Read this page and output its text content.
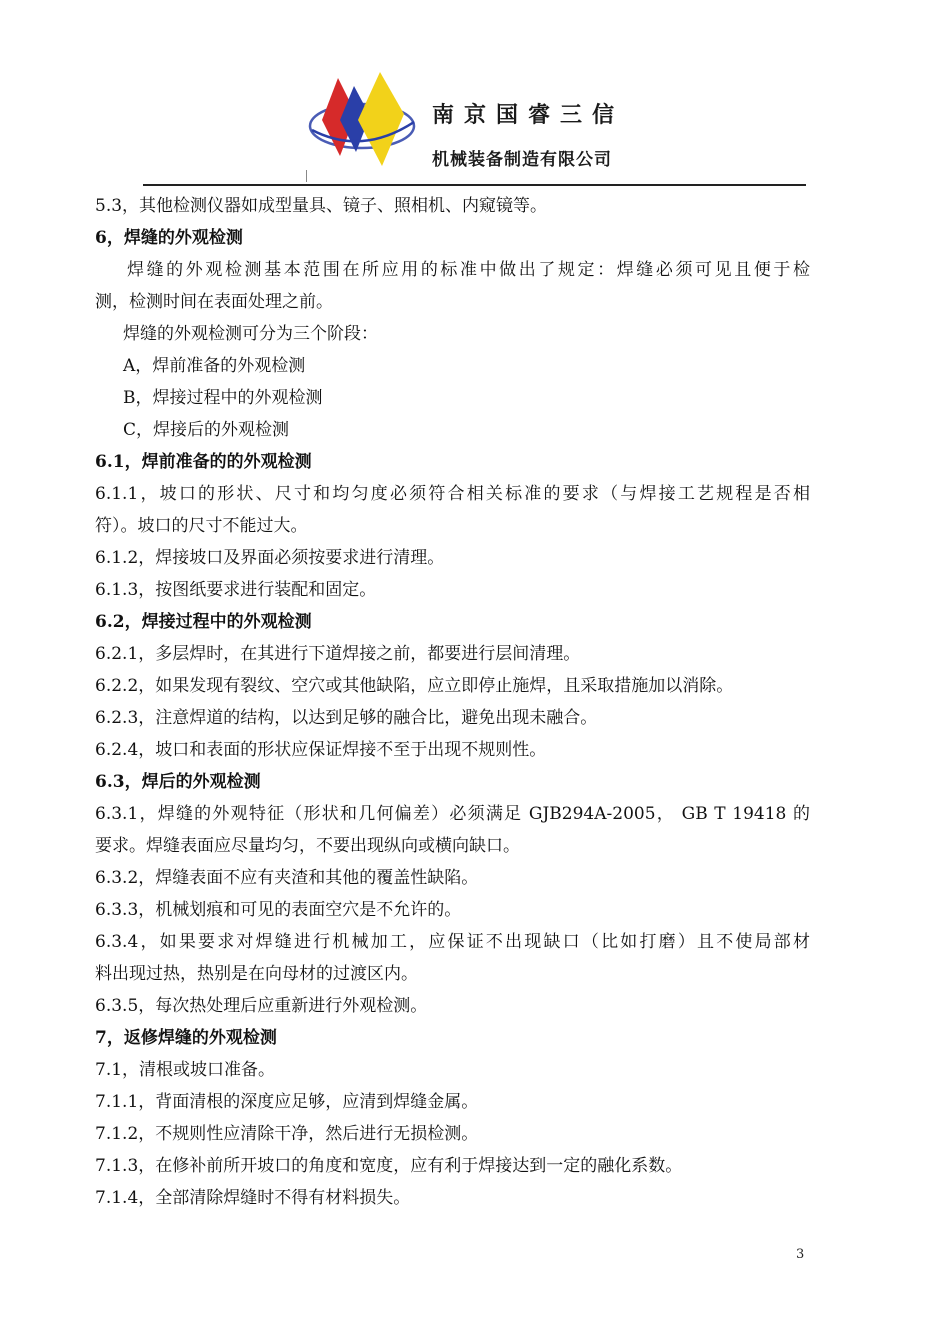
南京国睿三信
机械装备制造有限公司
5.3，其他检测仪器如成型量具、镜子、照相机、内窥镜等。
6，焊缝的外观检测
焊缝的外观检测基本范围在所应用的标准中做出了规定：焊缝必须可见且便于检
测，检测时间在表面处理之前。
焊缝的外观检测可分为三个阶段：
A，焊前准备的外观检测
B，焊接过程中的外观检测
C，焊接后的外观检测
6.1，焊前准备的的外观检测
6.1.1，坡口的形状、尺寸和均匀度必须符合相关标准的要求（与焊接工艺规程是否相
符）。坡口的尺寸不能过大。
6.1.2，焊接坡口及界面必须按要求进行清理。
6.1.3，按图纸要求进行装配和固定。
6.2，焊接过程中的外观检测
6.2.1，多层焊时，在其进行下道焊接之前，都要进行层间清理。
6.2.2，如果发现有裂纹、空穴或其他缺陷，应立即停止施焊，且采取措施加以消除。
6.2.3，注意焊道的结构，以达到足够的融合比，避免出现未融合。
6.2.4，坡口和表面的形状应保证焊接不至于出现不规则性。
6.3，焊后的外观检测
6.3.1，焊缝的外观特征（形状和几何偏差）必须满足 GJB294A-2005， GB T 19418 的
要求。焊缝表面应尽量均匀，不要出现纵向或横向缺口。
6.3.2，焊缝表面不应有夹渣和其他的覆盖性缺陷。
6.3.3，机械划痕和可见的表面空穴是不允许的。
6.3.4，如果要求对焊缝进行机械加工，应保证不出现缺口（比如打磨）且不使局部材
料出现过热，热别是在向母材的过渡区内。
6.3.5，每次热处理后应重新进行外观检测。
7，返修焊缝的外观检测
7.1，清根或坡口准备。
7.1.1，背面清根的深度应足够，应清到焊缝金属。
7.1.2，不规则性应清除干净，然后进行无损检测。
7.1.3，在修补前所开坡口的角度和宽度，应有利于焊接达到一定的融化系数。
7.1.4，全部清除焊缝时不得有材料损失。
3
